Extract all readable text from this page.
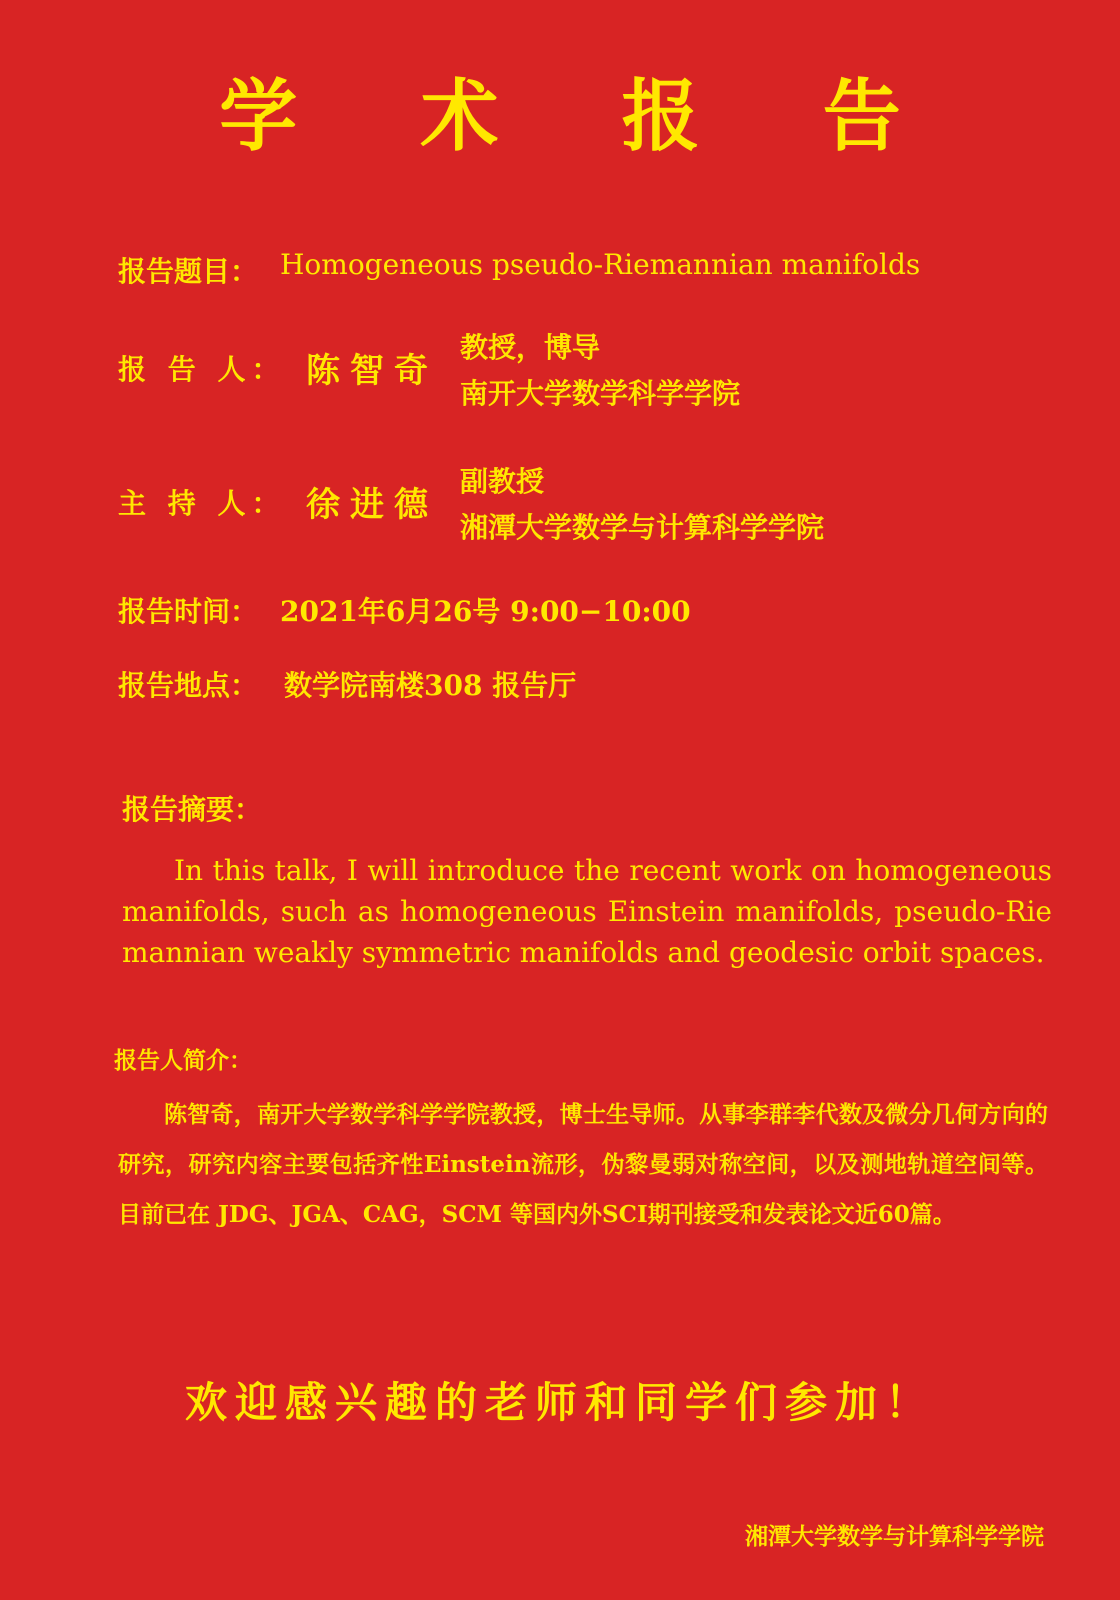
学 术 报 告
报告题目： Homogeneous pseudo-Riemannian manifolds
报 告 人： 陈智奇
教授，博导
南开大学数学科学学院
主 持 人： 徐进德
副教授
湘潭大学数学与计算科学学院
报告时间： 2021年6月26号 9:00−10:00
报告地点： 数学院南楼308 报告厅
报告摘要：
In this talk, I will introduce the recent work on homogeneous manifolds, such as homogeneous Einstein manifolds, pseudo-Riemannian weakly symmetric manifolds and geodesic orbit spaces.
报告人简介：
陈智奇，南开大学数学科学学院教授，博士生导师。从事李群李代数及微分几何方向的研究，研究内容主要包括齐性Einstein流形，伪黎曼弱对称空间，以及测地轨道空间等。目前已在 JDG、JGA、CAG，SCM 等国内外SCI期刊接受和发表论文近60篇。
欢迎感兴趣的老师和同学们参加！
湘潭大学数学与计算科学学院
